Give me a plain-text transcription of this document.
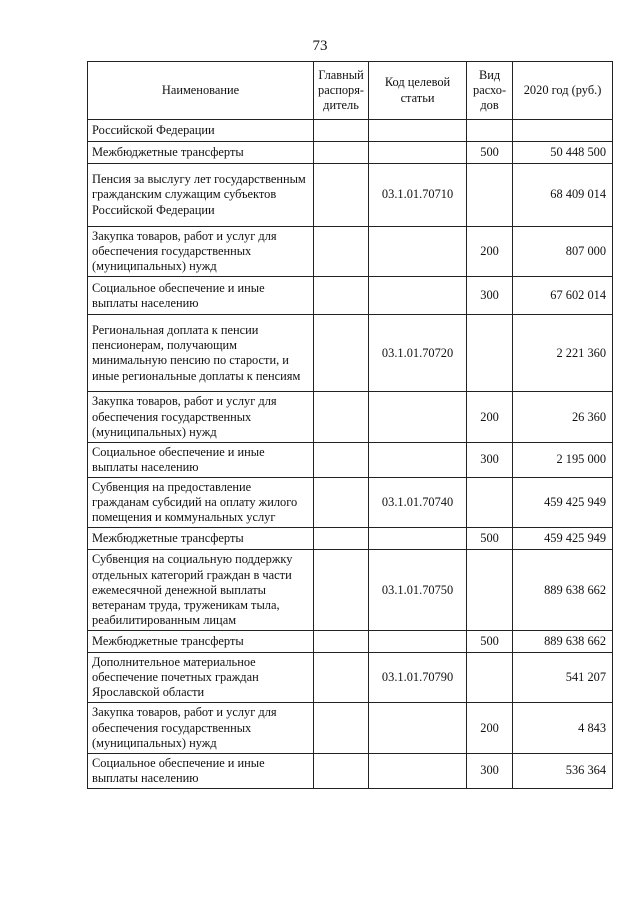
73
Наименование	Главный распоря-дитель	Код целевой статьи	Вид расхо-дов	2020 год (руб.)
Российской Федерации				
Межбюджетные трансферты			500	50 448 500
Пенсия за выслугу лет государственным гражданским служащим субъектов Российской Федерации		03.1.01.70710		68 409 014
Закупка товаров, работ и услуг для обеспечения государственных (муниципальных) нужд			200	807 000
Социальное обеспечение и иные выплаты населению			300	67 602 014
Региональная доплата к пенсии пенсионерам, получающим минимальную пенсию по старости, и иные региональные доплаты к пенсиям		03.1.01.70720		2 221 360
Закупка товаров, работ и услуг для обеспечения государственных (муниципальных) нужд			200	26 360
Социальное обеспечение и иные выплаты населению			300	2 195 000
Субвенция на предоставление гражданам субсидий на оплату жилого помещения и коммунальных услуг		03.1.01.70740		459 425 949
Межбюджетные трансферты			500	459 425 949
Субвенция на социальную поддержку отдельных категорий граждан в части ежемесячной денежной выплаты ветеранам труда, труженикам тыла, реабилитированным лицам		03.1.01.70750		889 638 662
Межбюджетные трансферты			500	889 638 662
Дополнительное материальное обеспечение почетных граждан Ярославской области		03.1.01.70790		541 207
Закупка товаров, работ и услуг для обеспечения государственных (муниципальных) нужд			200	4 843
Социальное обеспечение и иные выплаты населению			300	536 364
